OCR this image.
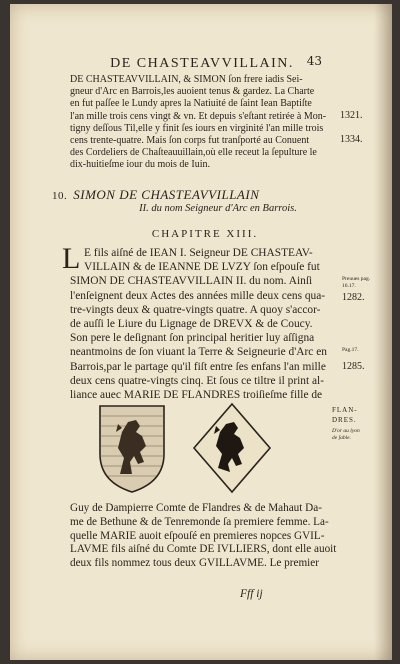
DE CHASTEAVVILLAIN.	43
DE CHASTEAVVILLAIN, & SIMON ſon frere iadis Sei-
gneur d'Arc en Barrois,les auoient tenus & gardez. La Charte
en fut paſſee le Lundy apres la Natiuité de ſaint Iean Baptiſte
l'an mille trois cens vingt & vn. Et depuis s'eſtant retirée à Mon-
tigny deſſous Til,elle y finit ſes iours en virginité l'an mille trois
cens trente-quatre. Mais ſon corps fut tranſporté au Conuent
des Cordeliers de Chaſteauuillain,où elle receut la ſepulture le
dix-huitieſme iour du mois de Iuin.
1321.
1334.
10. SIMON DE CHASTEAVVILLAIN
II. du nom Seigneur d'Arc en Barrois.
CHAPITRE XIII.
L E fils aiſné de IEAN I. Seigneur DE CHASTEAV-
VILLAIN & de IEANNE DE LVZY ſon eſpouſe fut
SIMON DE CHASTEAVVILLAIN II. du nom. Ainſi
l'enſeignent deux Actes des années mille deux cens qua-
tre-vingts deux & quatre-vingts quatre. A quoy s'accor-
de auſſi le Liure du Lignage de DREVX & de Coucy.
Son pere le deſignant ſon principal heritier luy aſſigna
neantmoins de ſon viuant la Terre & Seigneurie d'Arc en
Barrois,par le partage qu'il fiſt entre ſes enfans l'an mille
deux cens quatre-vingts cinq. Et ſous ce tiltre il print al-
liance auec MARIE DE FLANDRES troiſieſme fille de
Preuues pag.
16.17.
1282.
Pag.17.
1285.
FLAN-
DRES.
D'or au lyon
de ſable.
Guy de Dampierre Comte de Flandres & de Mahaut Da-
me de Bethune & de Tenremonde ſa premiere femme. La-
quelle MARIE auoit eſpouſé en premieres nopces GVIL-
LAVME fils aiſné du Comte DE IVLLIERS, dont elle auoit
deux fils nommez tous deux GVILLAVME. Le premier
Fff ij
